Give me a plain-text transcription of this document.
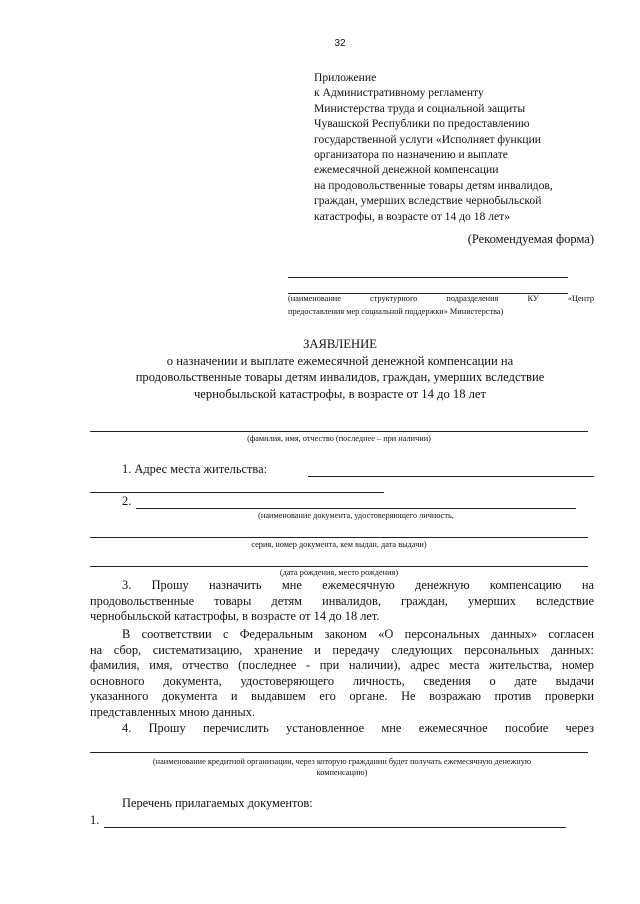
32
Приложение
к Административному регламенту
Министерства труда и социальной защиты
Чувашской Республики по предоставлению
государственной услуги «Исполняет функции
организатора по назначению и выплате
ежемесячной денежной компенсации
на продовольственные товары детям инвалидов,
граждан, умерших вследствие чернобыльской
катастрофы, в возрасте от 14 до 18 лет»
(Рекомендуемая форма)
(наименование структурного подразделения КУ «Центр
предоставления мер социальной поддержки» Министерства)
ЗАЯВЛЕНИЕ
о назначении и выплате ежемесячной денежной компенсации на
продовольственные товары детям инвалидов, граждан, умерших вследствие
чернобыльской катастрофы, в возрасте от 14 до 18 лет
(фамилия, имя, отчество (последнее – при наличии)
1. Адрес места жительства:
2.
(наименование документа, удостоверяющего личность,
серия, номер документа, кем выдан, дата выдачи)
(дата рождения, место рождения)
3. Прошу назначить мне ежемесячную денежную компенсацию на
продовольственные товары детям инвалидов, граждан, умерших вследствие
чернобыльской катастрофы, в возрасте от 14 до 18 лет.
В соответствии с Федеральным законом «О персональных данных» согласен
на сбор, систематизацию, хранение и передачу следующих персональных данных:
фамилия, имя, отчество (последнее - при наличии), адрес места жительства, номер
основного документа, удостоверяющего личность, сведения о дате выдачи
указанного документа и выдавшем его органе. Не возражаю против проверки
представленных мною данных.
4. Прошу перечислить установленное мне ежемесячное пособие через
(наименование кредитной организации, через которую гражданин будет получать ежемесячную денежную
компенсацию)
Перечень прилагаемых документов:
1.
